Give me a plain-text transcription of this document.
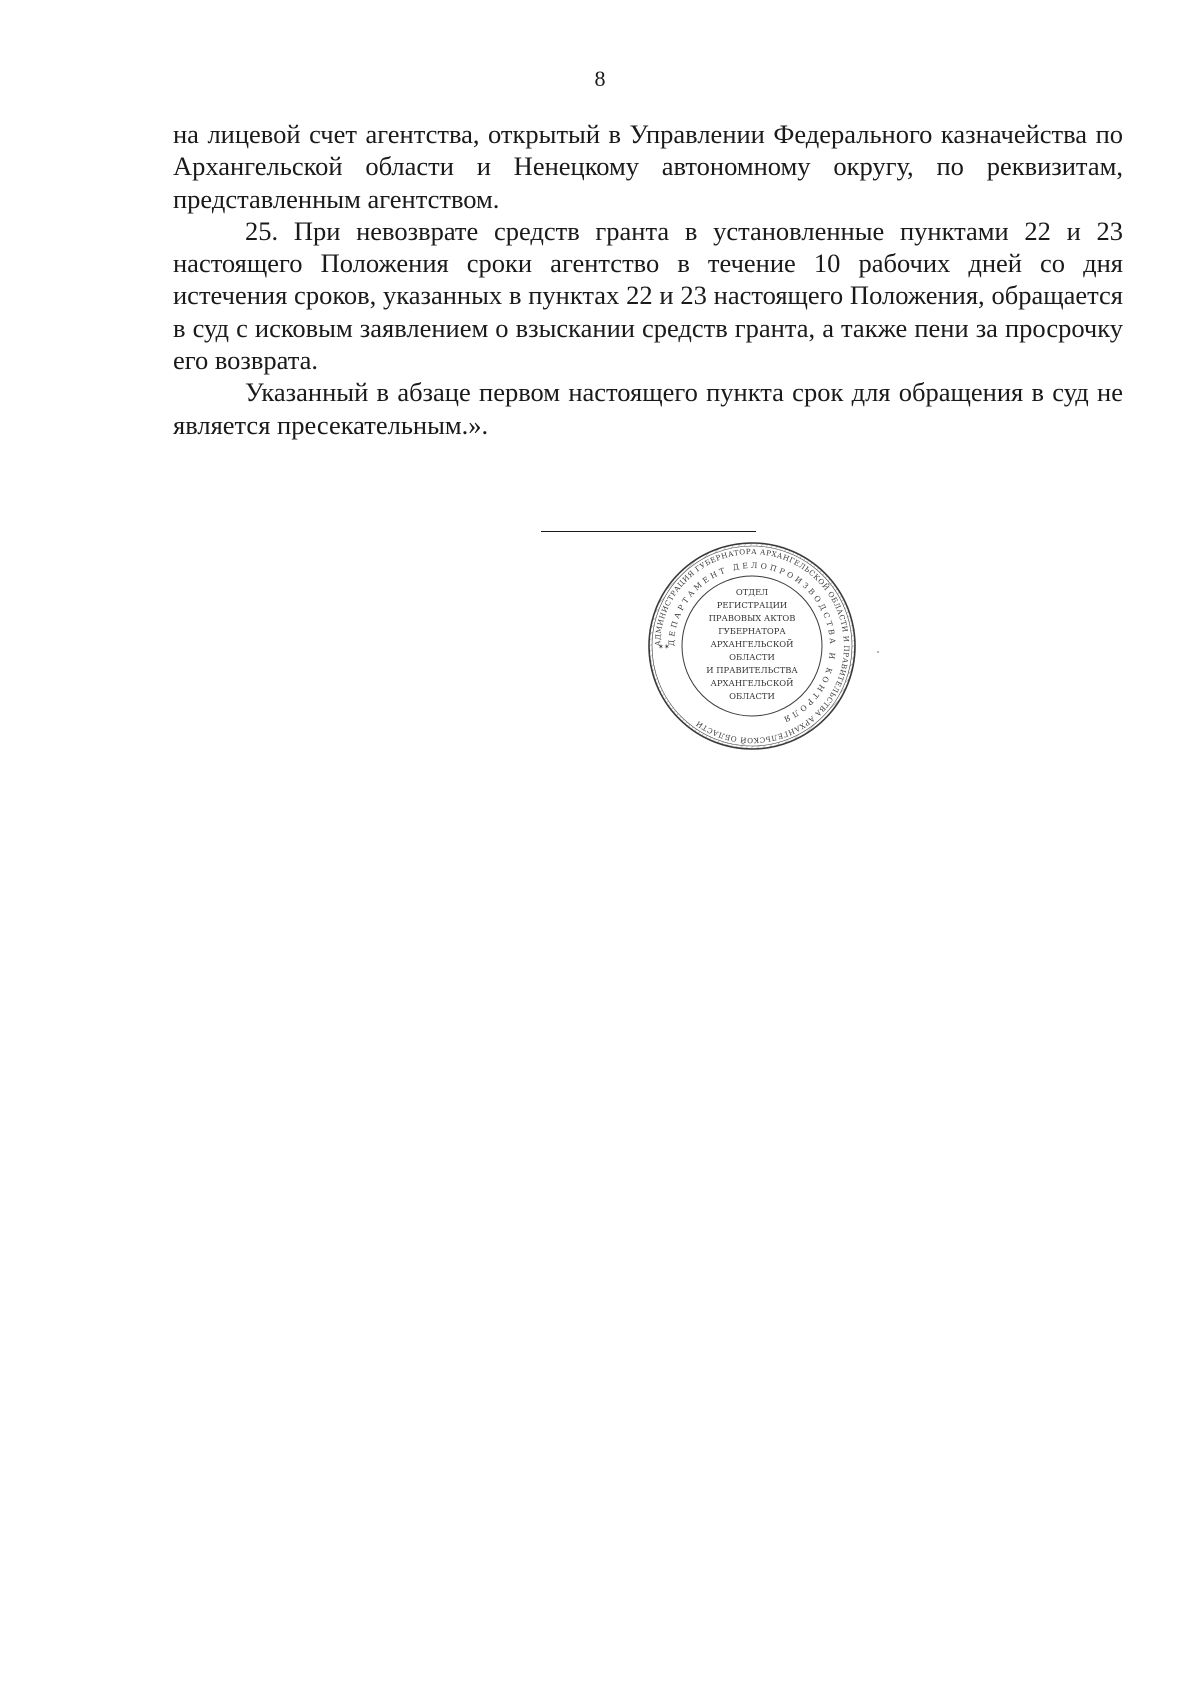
8

на лицевой счет агентства, открытый в Управлении Федерального казначейства по Архангельской области и Ненецкому автономному округу, по реквизитам, представленным агентством.

25. При невозврате средств гранта в установленные пунктами 22 и 23 настоящего Положения сроки агентство в течение 10 рабочих дней со дня истечения сроков, указанных в пунктах 22 и 23 настоящего Положения, обращается в суд с исковым заявлением о взыскании средств гранта, а также пени за просрочку его возврата.

Указанный в абзаце первом настоящего пункта срок для обращения в суд не является пресекательным.».

АДМИНИСТРАЦИЯ ГУБЕРНАТОРА АРХАНГЕЛЬСКОЙ ОБЛАСТИ И ПРАВИТЕЛЬСТВА АРХАНГЕЛЬСКОЙ ОБЛАСТИ
ДЕПАРТАМЕНТ ДЕЛОПРОИЗВОДСТВА И КОНТРОЛЯ
✶✶
ОТДЕЛ
РЕГИСТРАЦИИ
ПРАВОВЫХ АКТОВ
ГУБЕРНАТОРА
АРХАНГЕЛЬСКОЙ
ОБЛАСТИ
И ПРАВИТЕЛЬСТВА
АРХАНГЕЛЬСКОЙ
ОБЛАСТИ
